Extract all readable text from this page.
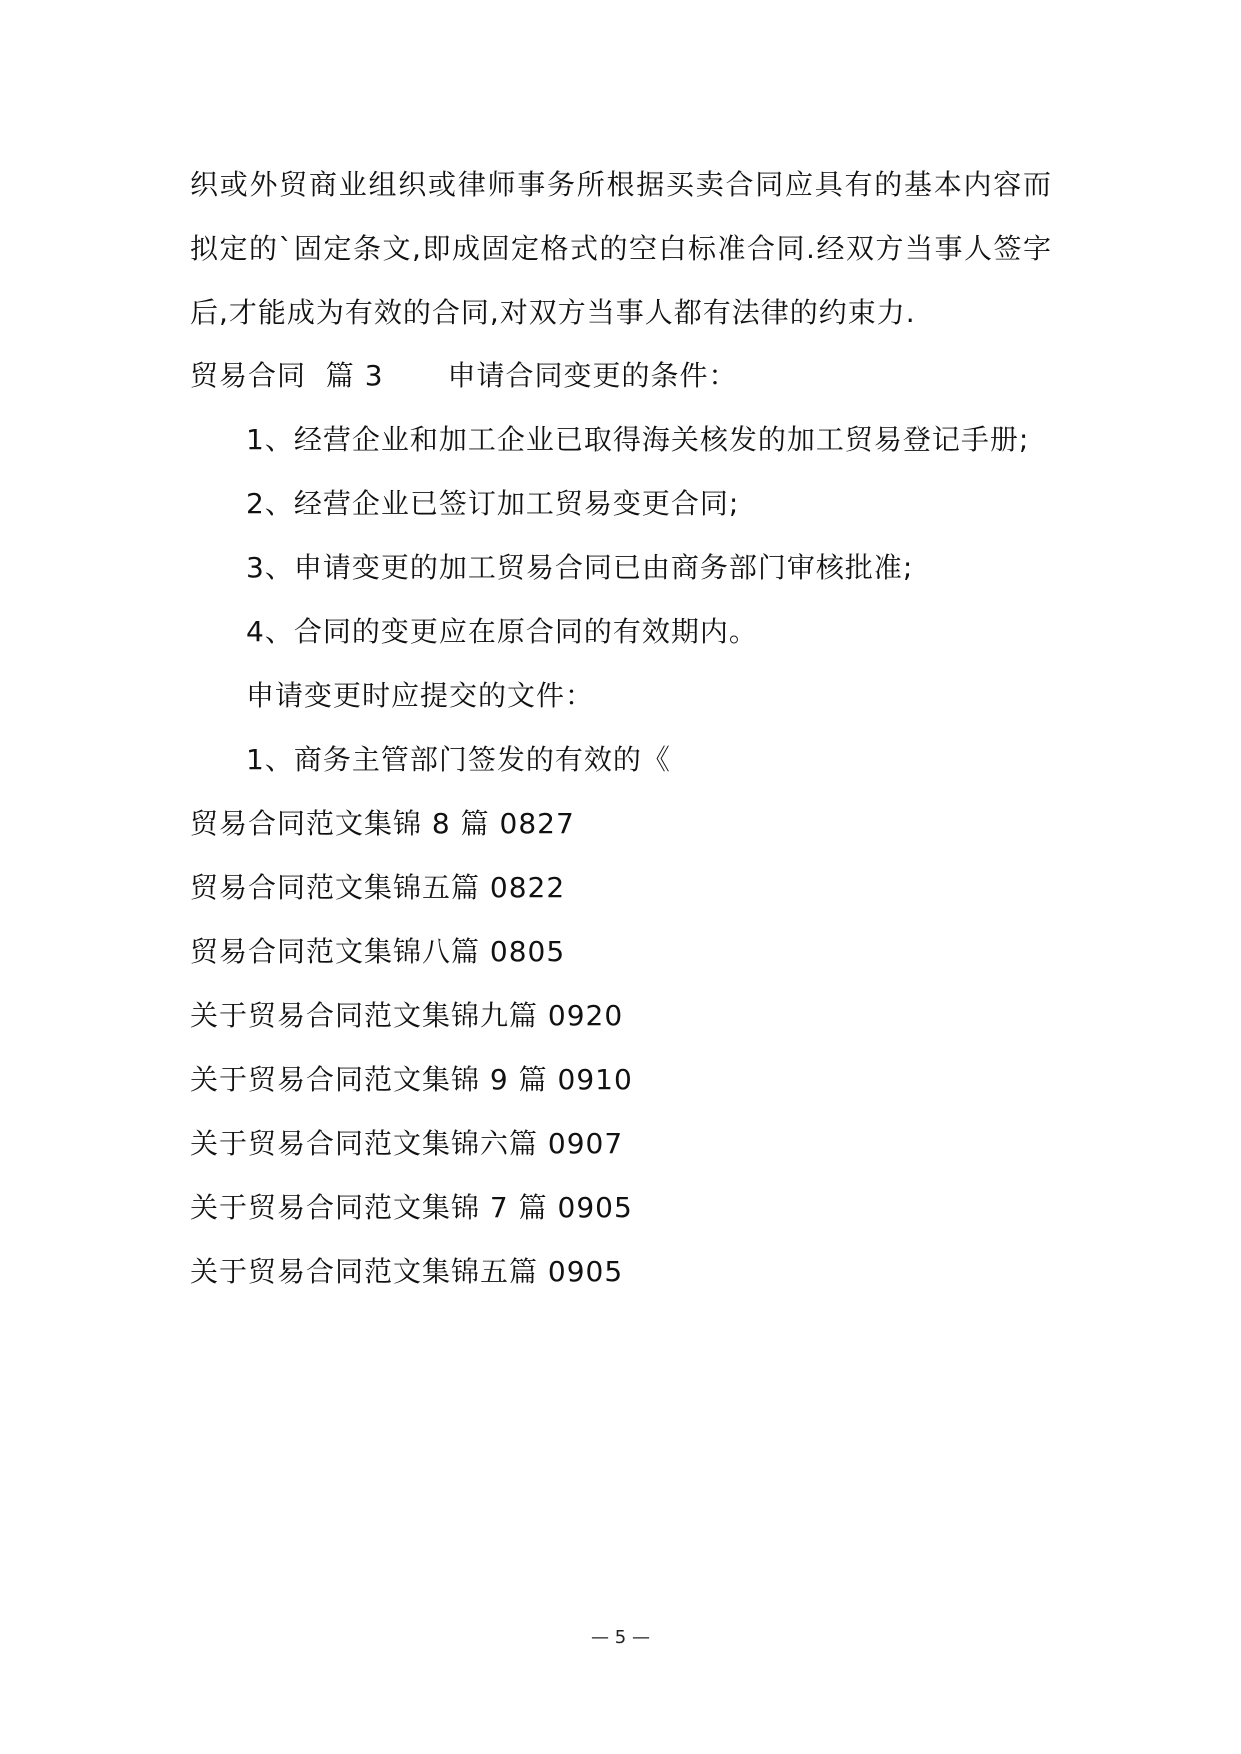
织或外贸商业组织或律师事务所根据买卖合同应具有的基本内容而
拟定的`固定条文,即成固定格式的空白标准合同.经双方当事人签字
后,才能成为有效的合同,对双方当事人都有法律的约束力.
贸易合同  篇 3 申请合同变更的条件：
1、经营企业和加工企业已取得海关核发的加工贸易登记手册;
2、经营企业已签订加工贸易变更合同;
3、申请变更的加工贸易合同已由商务部门审核批准;
4、合同的变更应在原合同的有效期内。
申请变更时应提交的文件：
1、商务主管部门签发的有效的《
贸易合同范文集锦 8 篇 0827
贸易合同范文集锦五篇 0822
贸易合同范文集锦八篇 0805
关于贸易合同范文集锦九篇 0920
关于贸易合同范文集锦 9 篇 0910
关于贸易合同范文集锦六篇 0907
关于贸易合同范文集锦 7 篇 0905
关于贸易合同范文集锦五篇 0905
— 5 —
